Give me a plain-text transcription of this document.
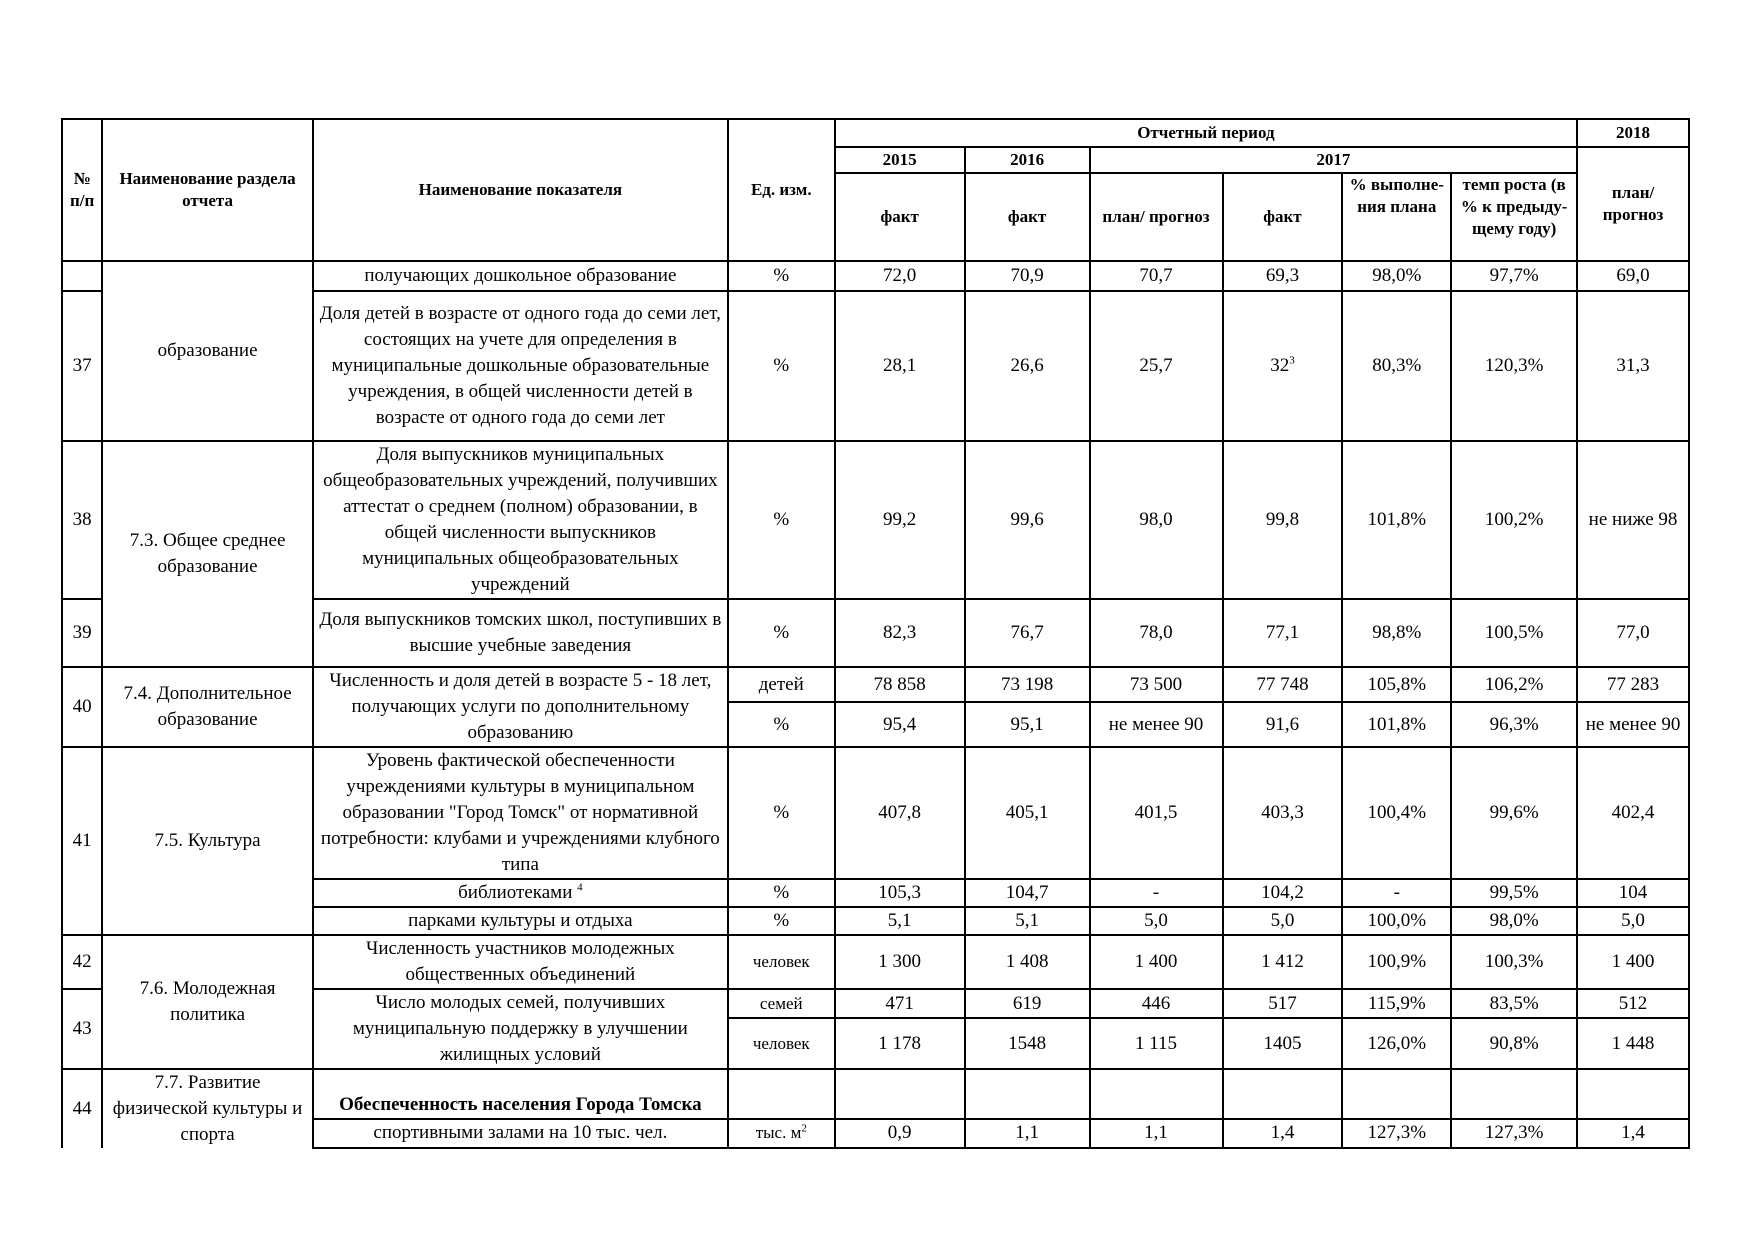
№ п/п	Наименование раздела отчета	Наименование показателя	Ед. изм.	Отчетный период						2018
				2015	2016	2017				план/ прогноз
				факт	факт	план/ прогноз	факт	% выполне- ния плана	темп роста (в % к предыду- щему году)	
	образование	получающих дошкольное образование	%	72,0	70,9	70,7	69,3	98,0%	97,7%	69,0
37		Доля детей в возрасте от одного года до семи лет, состоящих на учете для определения в муниципальные дошкольные образовательные учреждения, в общей численности детей в возрасте от одного года до семи лет	%	28,1	26,6	25,7	$32^3$	80,3%	120,3%	31,3
38	7.3. Общее среднее образование	Доля выпускников муниципальных общеобразовательных учреждений, получивших аттестат о среднем (полном) образовании, в общей численности выпускников муниципальных общеобразовательных учреждений	%	99,2	99,6	98,0	99,8	101,8%	100,2%	не ниже 98
39		Доля выпускников томских школ, поступивших в высшие учебные заведения	%	82,3	76,7	78,0	77,1	98,8%	100,5%	77,0
40	7.4. Дополнительное образование	Численность и доля детей в возрасте 5 - 18 лет, получающих услуги по дополнительному образованию	детей	78 858	73 198	73 500	77 748	105,8%	106,2%	77 283
			%	95,4	95,1	не менее 90	91,6	101,8%	96,3%	не менее 90
41	7.5. Культура	Уровень фактической обеспеченности учреждениями культуры в муниципальном образовании "Город Томск" от нормативной потребности: клубами и учреждениями клубного типа	%	407,8	405,1	401,5	403,3	100,4%	99,6%	402,4
		библиотеками $^4$	%	105,3	104,7	-	104,2	-	99,5%	104
		парками культуры и отдыха	%	5,1	5,1	5,0	5,0	100,0%	98,0%	5,0
42	7.6. Молодежная политика	Численность участников молодежных общественных объединений	человек	1 300	1 408	1 400	1 412	100,9%	100,3%	1 400
43		Число молодых семей, получивших муниципальную поддержку в улучшении жилищных условий	семей	471	619	446	517	115,9%	83,5%	512
			человек	1 178	1548	1 115	1405	126,0%	90,8%	1 448
44	7.7. Развитие физической культуры и спорта	Обеспеченность населения Города Томска								
		спортивными залами на 10 тыс. чел.	тыс. $м^2$	0,9	1,1	1,1	1,4	127,3%	127,3%	1,4
